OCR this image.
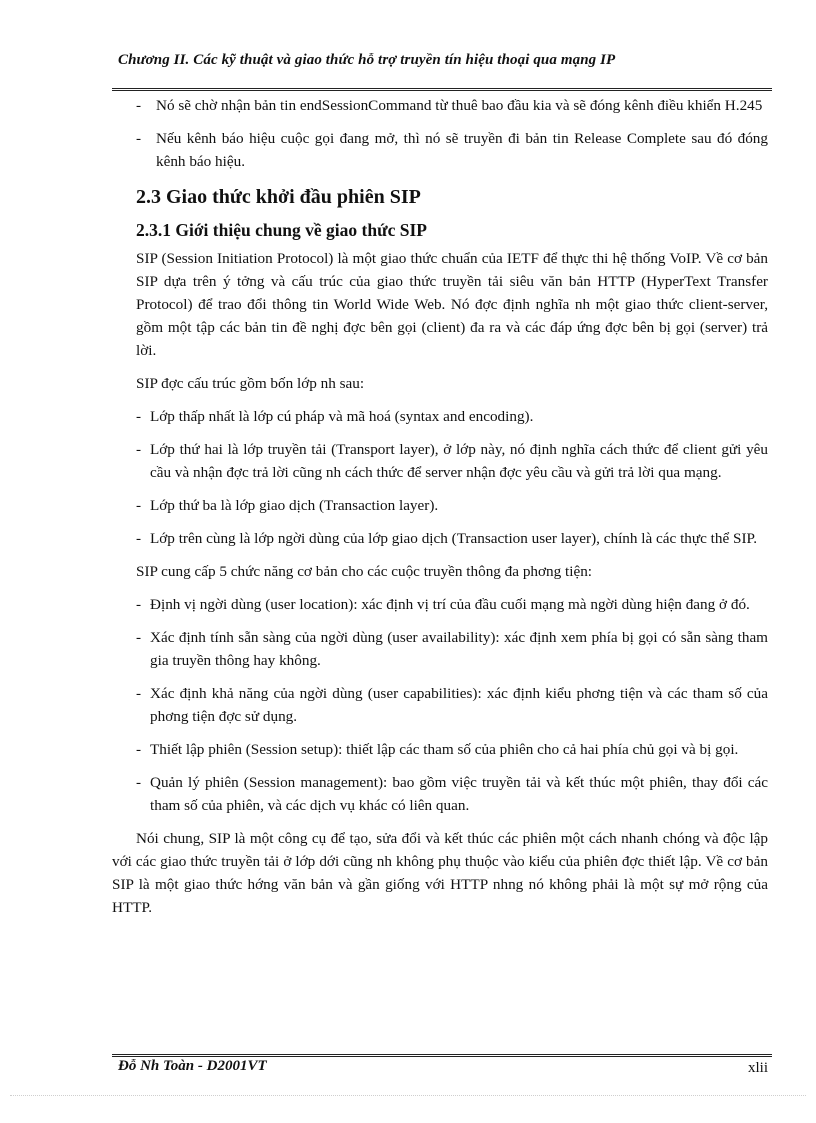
Chương II. Các kỹ thuật và giao thức hỗ trợ truyền tín hiệu thoại qua mạng IP
- Nó sẽ chờ nhận bản tin endSessionCommand từ thuê bao đầu kia và sẽ đóng kênh điều khiển H.245
- Nếu kênh báo hiệu cuộc gọi đang mở, thì nó sẽ truyền đi bản tin Release Complete sau đó đóng kênh báo hiệu.
2.3 Giao thức khởi đầu phiên SIP
2.3.1 Giới thiệu chung về giao thức SIP

SIP (Session Initiation Protocol) là một giao thức chuẩn của IETF để thực thi hệ thống VoIP. Về cơ bản SIP dựa trên ý tởng và cấu trúc của giao thức truyền tải siêu văn bản HTTP (HyperText Transfer Protocol) để trao đổi thông tin World Wide Web. Nó đợc định nghĩa nh một giao thức client-server, gồm một tập các bản tin đề nghị đợc bên gọi (client) đa ra và các đáp ứng đợc bên bị gọi (server) trả lời.

SIP đợc cấu trúc gồm bốn lớp nh sau:

- Lớp thấp nhất là lớp cú pháp và mã hoá (syntax and encoding).
- Lớp thứ hai là lớp truyền tải (Transport layer), ở lớp này, nó định nghĩa cách thức để client gửi yêu cầu và nhận đợc trả lời cũng nh cách thức để server nhận đợc yêu cầu và gửi trả lời qua mạng.
- Lớp thứ ba là lớp giao dịch (Transaction layer).
- Lớp trên cùng là lớp ngời dùng của lớp giao dịch (Transaction user layer), chính là các thực thể SIP.

SIP cung cấp 5 chức năng cơ bản cho các cuộc truyền thông đa phơng tiện:

- Định vị ngời dùng (user location): xác định vị trí của đầu cuối mạng mà ngời dùng hiện đang ở đó.
- Xác định tính sẵn sàng của ngời dùng (user availability): xác định xem phía bị gọi có sẵn sàng tham gia truyền thông hay không.
- Xác định khả năng của ngời dùng (user capabilities): xác định kiểu phơng tiện và các tham số của phơng tiện đợc sử dụng.
- Thiết lập phiên (Session setup): thiết lập các tham số của phiên cho cả hai phía chủ gọi và bị gọi.
- Quản lý phiên (Session management): bao gồm việc truyền tải và kết thúc một phiên, thay đổi các tham số của phiên, và các dịch vụ khác có liên quan.

Nói chung, SIP là một công cụ để tạo, sửa đổi và kết thúc các phiên một cách nhanh chóng và độc lập với các giao thức truyền tải ở lớp dới cũng nh không phụ thuộc vào kiểu của phiên đợc thiết lập. Về cơ bản SIP là một giao thức hớng văn bản và gần giống với HTTP nhng nó không phải là một sự mở rộng của HTTP.

Đỗ Nh Toàn - D2001VT	xlii
